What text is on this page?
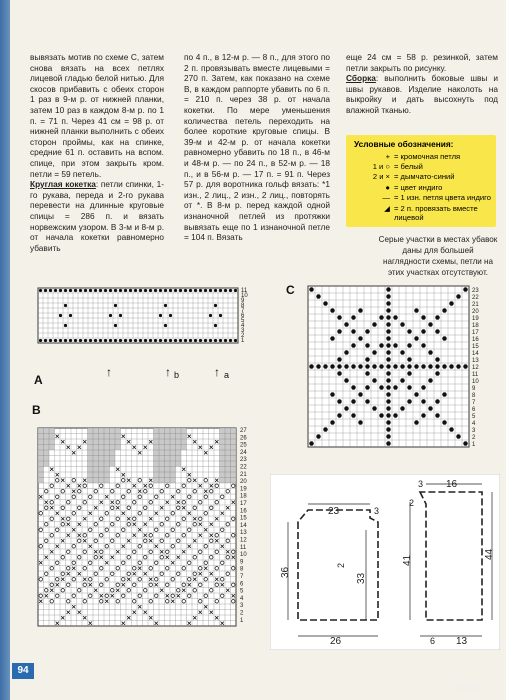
вывязать мотив по схеме С, затем снова вязать на всех петлях лицевой гладью белой нитью. Для скосов прибавить с обеих сторон 1 раз в 9-м р. от нижней планки, затем 10 раз в каждом 8-м р. по 1 п. = 71 п. Через 41 см = 98 р. от нижней планки выполнить с обеих сторон проймы, как на спинке, средние 61 п. оставить на вспом. спице, при этом закрыть кром. петли = 59 петель.

Круглая кокетка: петли спинки, 1-го рукава, переда и 2-го рукава перевести на длинные круговые спицы = 286 п. и вязать норвежским узором. В 3-м и 8-м р. от начала кокетки равномерно убавить

по 4 п., в 12-м р. — 8 п., для этого по 2 п. провязывать вместе лицевыми = 270 п. Затем, как показано на схеме В, в каждом раппорте убавить по 6 п. = 210 п. через 38 р. от начала кокетки. По мере уменьшения количества петель переходить на более короткие круговые спицы. В 39-м и 42-м р. от начала кокетки равномерно убавить по 18 п., в 46-м и 48-м р. — по 24 п., в 52-м р. — 18 п., и в 56-м р. — 17 п. = 91 п. Через 57 р. для воротника гольф вязать: *1 изн., 2 лиц., 2 изн., 2 лиц., повторять от *. В 8-м р. перед каждой одной изнаночной петлей из протяжки вывязать еще по 1 изнаночной петле = 104 п. Вязать

еще 24 см = 58 р. резинкой, затем петли закрыть по рисунку.

Сборка: выполнить боковые швы и швы рукавов. Изделие наколоть на выкройку и дать высохнуть под влажной тканью.

Условные обозначения:
+ = кромочная петля
1 и ○ = белый
2 и × = дымчато-синий
● = цвет индиго
— = 1 изн. петля цвета индиго
◢ = 2 п. провязать вместе
лицевой
Серые участки в местах убавок даны для большей наглядности схемы, петли на этих участках отсутствуют.
11
10
9
8
7
6
5
4
3
2
1
A
↑	↑ b	↑ a
23
22
21
20
19
18
17
16
15
14
13
12
11
10
9
8
7
6
5
4
3
2
1
C
27
26
25
24
23
22
21
20
19
18
17
16
15
14
13
12
11
10
9
8
7
6
5
4
3
2
1
B
23	3
36
33
2
26
3 16
44
41
2
6 13
94
Чипуля
